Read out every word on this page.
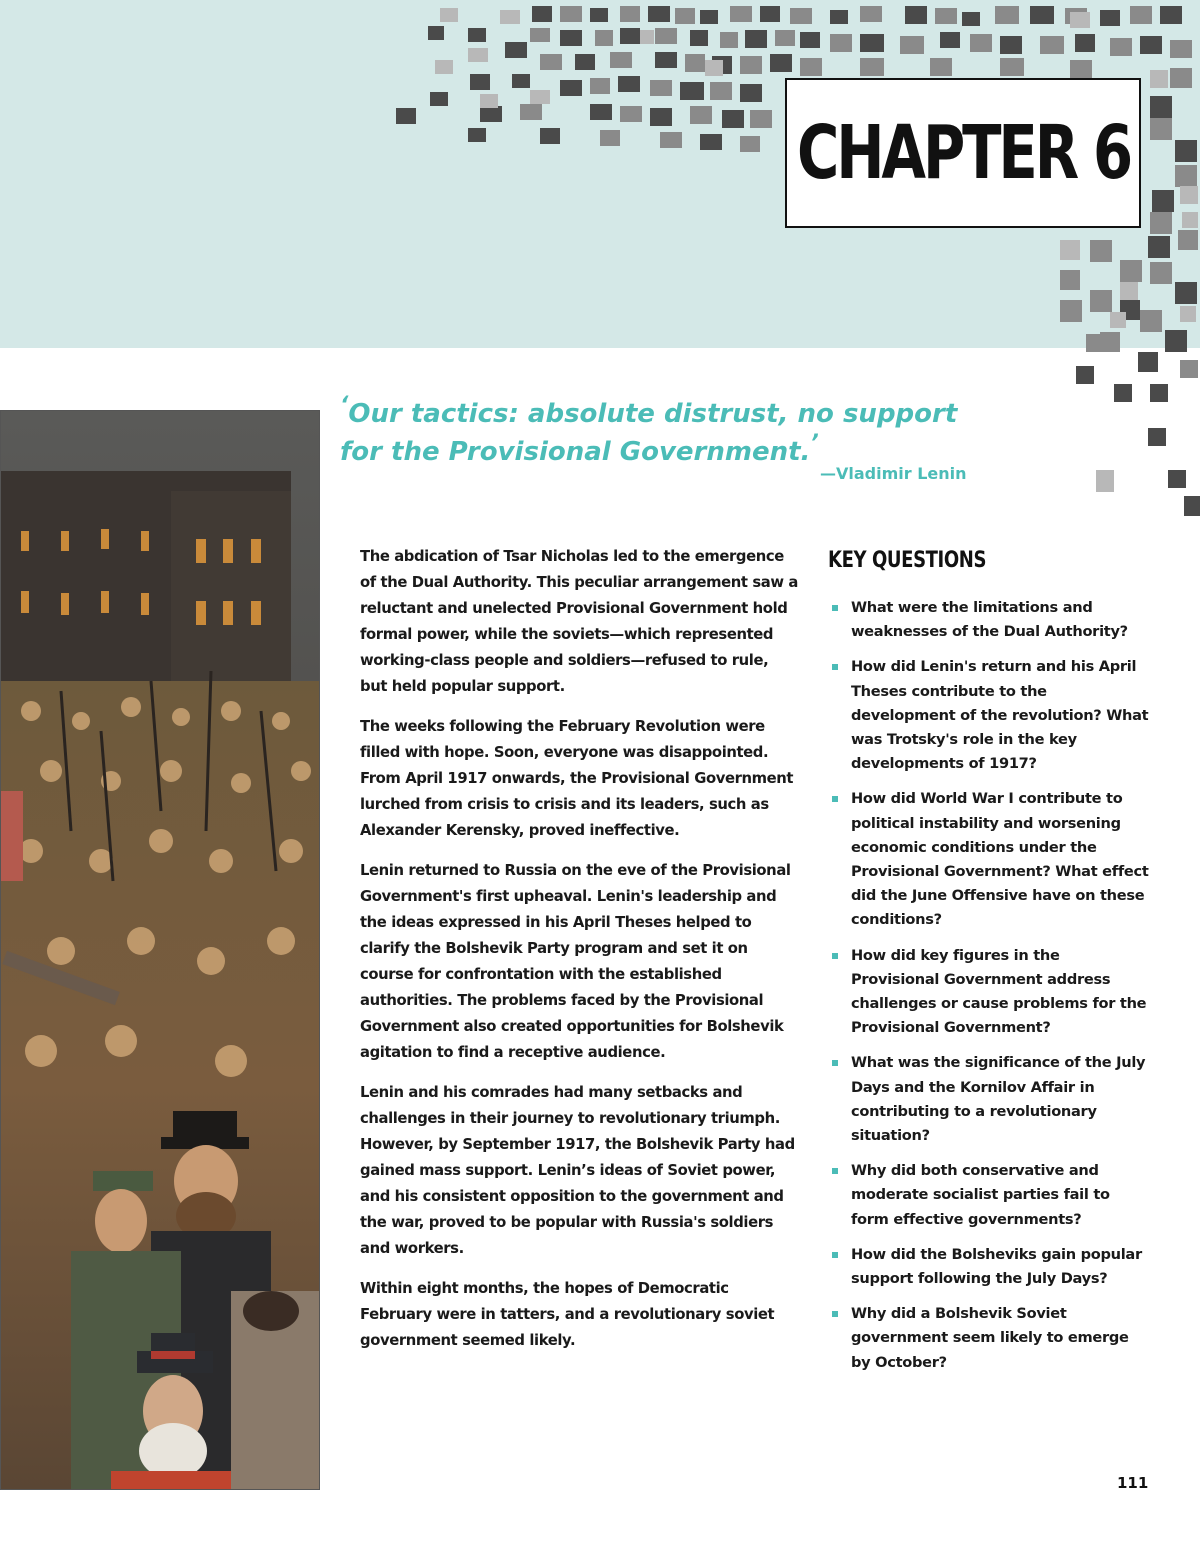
CHAPTER 6
‘Our tactics: absolute distrust, no support for the Provisional Government.’
—Vladimir Lenin

The abdication of Tsar Nicholas led to the emergence of the Dual Authority. This peculiar arrangement saw a reluctant and unelected Provisional Government hold formal power, while the soviets—which represented working-class people and soldiers—refused to rule, but held popular support.

The weeks following the February Revolution were filled with hope. Soon, everyone was disappointed. From April 1917 onwards, the Provisional Government lurched from crisis to crisis and its leaders, such as Alexander Kerensky, proved ineffective.

Lenin returned to Russia on the eve of the Provisional Government's first upheaval. Lenin's leadership and the ideas expressed in his April Theses helped to clarify the Bolshevik Party program and set it on course for confrontation with the established authorities. The problems faced by the Provisional Government also created opportunities for Bolshevik agitation to find a receptive audience.

Lenin and his comrades had many setbacks and challenges in their journey to revolutionary triumph. However, by September 1917, the Bolshevik Party had gained mass support. Lenin’s ideas of Soviet power, and his consistent opposition to the government and the war, proved to be popular with Russia's soldiers and workers.

Within eight months, the hopes of Democratic February were in tatters, and a revolutionary soviet government seemed likely.

KEY QUESTIONS
What were the limitations and weaknesses of the Dual Authority?
How did Lenin's return and his April Theses contribute to the development of the revolution? What was Trotsky's role in the key developments of 1917?
How did World War I contribute to political instability and worsening economic conditions under the Provisional Government? What effect did the June Offensive have on these conditions?
How did key figures in the Provisional Government address challenges or cause problems for the Provisional Government?
What was the significance of the July Days and the Kornilov Affair in contributing to a revolutionary situation?
Why did both conservative and moderate socialist parties fail to form effective governments?
How did the Bolsheviks gain popular support following the July Days?
Why did a Bolshevik Soviet government seem likely to emerge by October?
111
